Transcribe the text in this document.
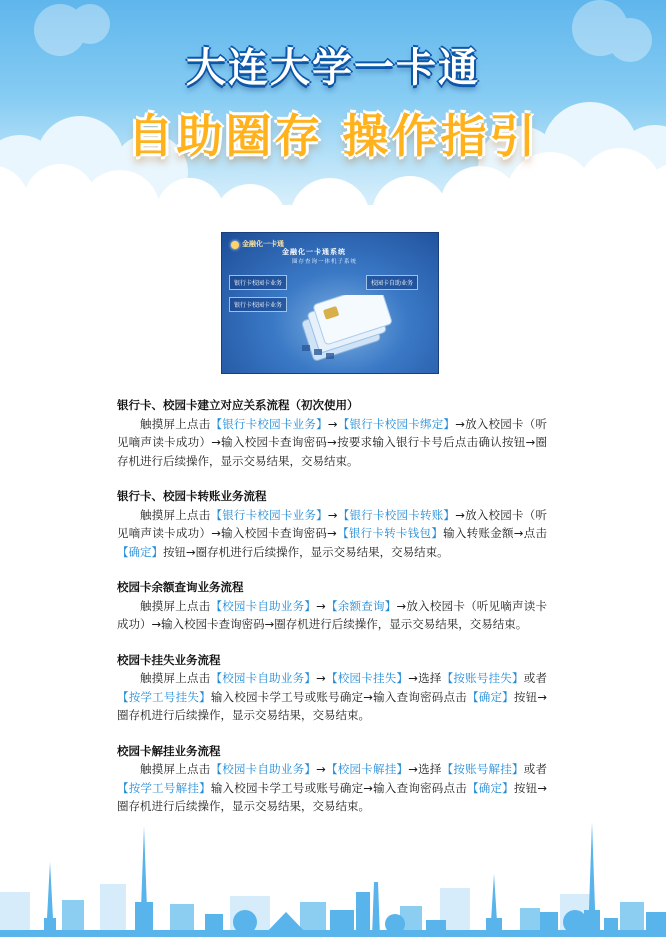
大连大学一卡通
自助圈存 操作指引
金融化一卡通
金融化一卡通系统
圈存查询一体机子系统
银行卡校园卡业务
银行卡校园卡业务
校园卡自助业务

银行卡、校园卡建立对应关系流程（初次使用）

触摸屏上点击【银行卡校园卡业务】→【银行卡校园卡绑定】→放入校园卡（听见嘀声读卡成功）→输入校园卡查询密码→按要求输入银行卡号后点击确认按钮→圈存机进行后续操作，显示交易结果，交易结束。

银行卡、校园卡转账业务流程

触摸屏上点击【银行卡校园卡业务】→【银行卡校园卡转账】→放入校园卡（听见嘀声读卡成功）→输入校园卡查询密码→【银行卡转卡钱包】输入转账金额→点击【确定】按钮→圈存机进行后续操作，显示交易结果，交易结束。

校园卡余额查询业务流程

触摸屏上点击【校园卡自助业务】→【余额查询】→放入校园卡（听见嘀声读卡成功）→输入校园卡查询密码→圈存机进行后续操作，显示交易结果，交易结束。

校园卡挂失业务流程

触摸屏上点击【校园卡自助业务】→【校园卡挂失】→选择【按账号挂失】或者【按学工号挂失】输入校园卡学工号或账号确定→输入查询密码点击【确定】按钮→圈存机进行后续操作，显示交易结果，交易结束。

校园卡解挂业务流程

触摸屏上点击【校园卡自助业务】→【校园卡解挂】→选择【按账号解挂】或者【按学工号解挂】输入校园卡学工号或账号确定→输入查询密码点击【确定】按钮→圈存机进行后续操作，显示交易结果，交易结束。
